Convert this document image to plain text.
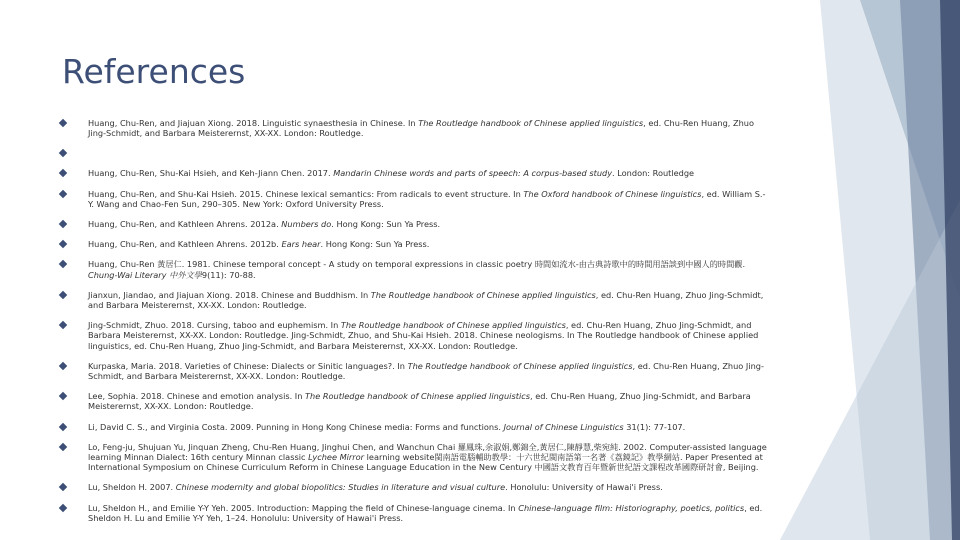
References
Huang, Chu-Ren, and Jiajuan Xiong. 2018. Linguistic synaesthesia in Chinese. In The Routledge handbook of Chinese applied linguistics, ed. Chu-Ren Huang, Zhuo Jing-Schmidt, and Barbara Meisterernst, XX-XX. London: Routledge.
Huang, Chu-Ren, Shu-Kai Hsieh, and Keh-Jiann Chen. 2017. Mandarin Chinese words and parts of speech: A corpus-based study. London: Routledge
Huang, Chu-Ren, and Shu-Kai Hsieh. 2015. Chinese lexical semantics: From radicals to event structure. In The Oxford handbook of Chinese linguistics, ed. William S.-Y. Wang and Chao-Fen Sun, 290–305. New York: Oxford University Press.
Huang, Chu-Ren, and Kathleen Ahrens. 2012a. Numbers do. Hong Kong: Sun Ya Press.
Huang, Chu-Ren, and Kathleen Ahrens. 2012b. Ears hear. Hong Kong: Sun Ya Press.
Huang, Chu-Ren 黃居仁. 1981. Chinese temporal concept - A study on temporal expressions in classic poetry 時間如流水-由古典詩歌中的時間用語談到中國人的時間觀. Chung-Wai Literary 中外文學9(11): 70-88.
Jianxun, Jiandao, and Jiajuan Xiong. 2018. Chinese and Buddhism. In The Routledge handbook of Chinese applied linguistics, ed. Chu-Ren Huang, Zhuo Jing-Schmidt, and Barbara Meisterernst, XX-XX. London: Routledge.
Jing-Schmidt, Zhuo. 2018. Cursing, taboo and euphemism. In The Routledge handbook of Chinese applied linguistics, ed. Chu-Ren Huang, Zhuo Jing-Schmidt, and Barbara Meisterernst, XX-XX. London: Routledge. Jing-Schmidt, Zhuo, and Shu-Kai Hsieh. 2018. Chinese neologisms. In The Routledge handbook of Chinese applied linguistics, ed. Chu-Ren Huang, Zhuo Jing-Schmidt, and Barbara Meisterernst, XX-XX. London: Routledge.
Kurpaska, Maria. 2018. Varieties of Chinese: Dialects or Sinitic languages?. In The Routledge handbook of Chinese applied linguistics, ed. Chu-Ren Huang, Zhuo Jing-Schmidt, and Barbara Meisterernst, XX-XX. London: Routledge.
Lee, Sophia. 2018. Chinese and emotion analysis. In The Routledge handbook of Chinese applied linguistics, ed. Chu-Ren Huang, Zhuo Jing-Schmidt, and Barbara Meisterernst, XX-XX. London: Routledge.
Li, David C. S., and Virginia Costa. 2009. Punning in Hong Kong Chinese media: Forms and functions. Journal of Chinese Linguistics 31(1): 77-107.
Lo, Feng-ju, Shujuan Yu, Jinquan Zheng, Chu-Ren Huang, Jinghui Chen, and Wanchun Chai 羅鳳珠,余淑娟,鄭錦全,黃居仁,陳靜慧,柴宛純. 2002. Computer-assisted language learning Minnan Dialect: 16th century Minnan classic Lychee Mirror learning website閩南語電腦輔助教學：十六世紀閩南語第一名著《荔鏡記》教學網站. Paper Presented at International Symposium on Chinese Curriculum Reform in Chinese Language Education in the New Century 中國語文教育百年暨新世紀語文課程改革國際研討會, Beijing.
Lu, Sheldon H. 2007. Chinese modernity and global biopolitics: Studies in literature and visual culture. Honolulu: University of Hawai'i Press.
Lu, Sheldon H., and Emilie Y-Y Yeh. 2005. Introduction: Mapping the field of Chinese-language cinema. In Chinese-language film: Historiography, poetics, politics, ed. Sheldon H. Lu and Emilie Y-Y Yeh, 1–24. Honolulu: University of Hawai'i Press.
